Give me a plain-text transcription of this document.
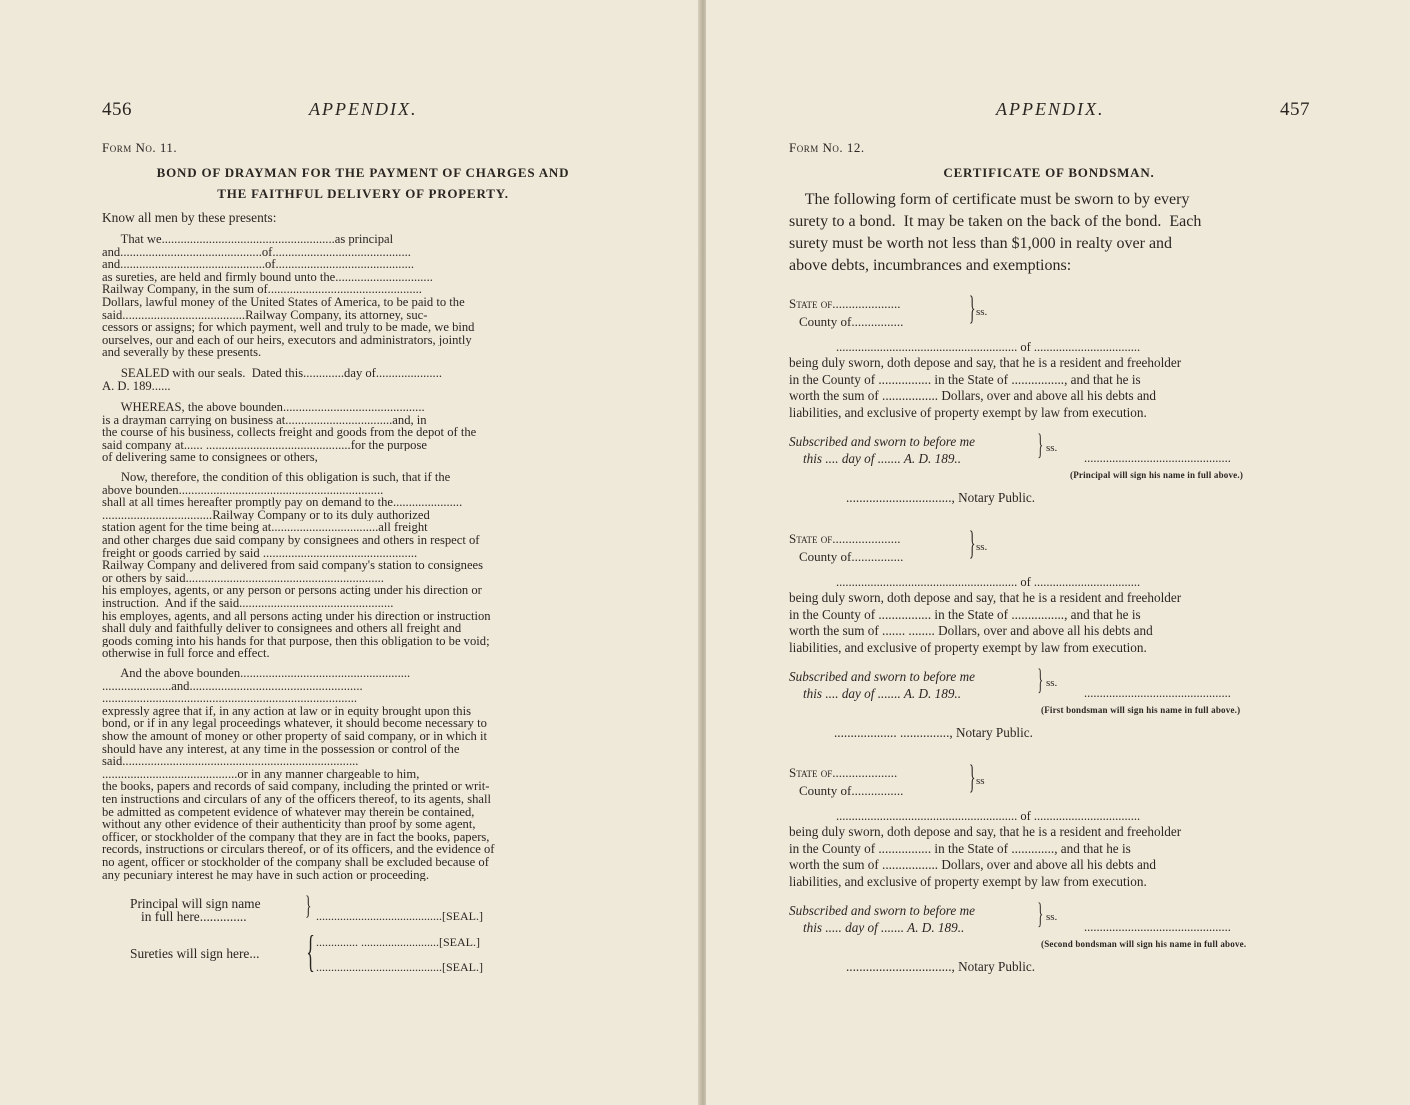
456	APPENDIX.
Form No. 11.
BOND OF DRAYMAN FOR THE PAYMENT OF CHARGES AND
THE FAITHFUL DELIVERY OF PROPERTY.
Know all men by these presents:
That we.......................................................as principal
and.............................................of............................................
and..............................................of............................................
as sureties, are held and firmly bound unto the...............................
Railway Company, in the sum of.................................................
Dollars, lawful money of the United States of America, to be paid to the
said.......................................Railway Company, its attorney, suc-
cessors or assigns; for which payment, well and truly to be made, we bind
ourselves, our and each of our heirs, executors and administrators, jointly
and severally by these presents.
SEALED with our seals.  Dated this.............day of.....................
A. D. 189......
WHEREAS, the above bounden.............................................
is a drayman carrying on business at..................................and, in
the course of his business, collects freight and goods from the depot of the
said company at...... ..............................................for the purpose
of delivering same to consignees or others,
Now, therefore, the condition of this obligation is such, that if the
above bounden.................................................................
shall at all times hereafter promptly pay on demand to the......................
...................................Railway Company or to its duly authorized
station agent for the time being at..................................all freight
and other charges due said company by consignees and others in respect of
freight or goods carried by said .................................................
Railway Company and delivered from said company's station to consignees
or others by said...............................................................
his employes, agents, or any person or persons acting under his direction or
instruction.  And if the said.................................................
his employes, agents, and all persons acting under his direction or instruction
shall duly and faithfully deliver to consignees and others all freight and
goods coming into his hands for that purpose, then this obligation to be void;
otherwise in full force and effect.
And the above bounden......................................................
......................and.......................................................
.................................................................................
expressly agree that if, in any action at law or in equity brought upon this
bond, or if in any legal proceedings whatever, it should become necessary to
show the amount of money or other property of said company, or in which it
should have any interest, at any time in the possession or control of the
said...........................................................................
...........................................or in any manner chargeable to him,
the books, papers and records of said company, including the printed or writ-
ten instructions and circulars of any of the officers thereof, to its agents, shall
be admitted as competent evidence of whatever may therein be contained,
without any other evidence of their authenticity than proof by some agent,
officer, or stockholder of the company that they are in fact the books, papers,
records, instructions or circulars thereof, or of its officers, and the evidence of
no agent, officer or stockholder of the company shall be excluded because of
any pecuniary interest he may have in such action or proceeding.
Principal will sign name
in full here.............. } ..........................................[SEAL.]
Sureties will sign here... { .............. ..........................[SEAL.]
..........................................[SEAL.]
APPENDIX.	457
Form No. 12.
CERTIFICATE OF BONDSMAN.
The following form of certificate must be sworn to by every
surety to a bond.  It may be taken on the back of the bond.  Each
surety must be worth not less than $1,000 in realty over and
above debts, incumbrances and exemptions:
State of.....................
County of................ } ss.
.......................................................... of ..................................
being duly sworn, doth depose and say, that he is a resident and freeholder
in the County of ................ in the State of ................, and that he is
worth the sum of ................. Dollars, over and above all his debts and
liabilities, and exclusive of property exempt by law from execution.
Subscribed and sworn to before me
this .... day of ....... A. D. 189..	} ss.
...............................................
(Principal will sign his name in full above.)
................................, Notary Public.
State of.....................
County of................ } ss.
.......................................................... of ..................................
being duly sworn, doth depose and say, that he is a resident and freeholder
in the County of ................ in the State of ................, and that he is
worth the sum of ....... ........ Dollars, over and above all his debts and
liabilities, and exclusive of property exempt by law from execution.
Subscribed and sworn to before me
this .... day of ....... A. D. 189..	} ss.
...............................................
(First bondsman will sign his name in full above.)
................... ..............., Notary Public.
State of....................
County of................ } ss
.......................................................... of ..................................
being duly sworn, doth depose and say, that he is a resident and freeholder
in the County of ................ in the State of ............., and that he is
worth the sum of ................. Dollars, over and above all his debts and
liabilities, and exclusive of property exempt by law from execution.
Subscribed and sworn to before me
this ..... day of ....... A. D. 189.. } ss.
...............................................
(Second bondsman will sign his name in full above.
................................, Notary Public.
